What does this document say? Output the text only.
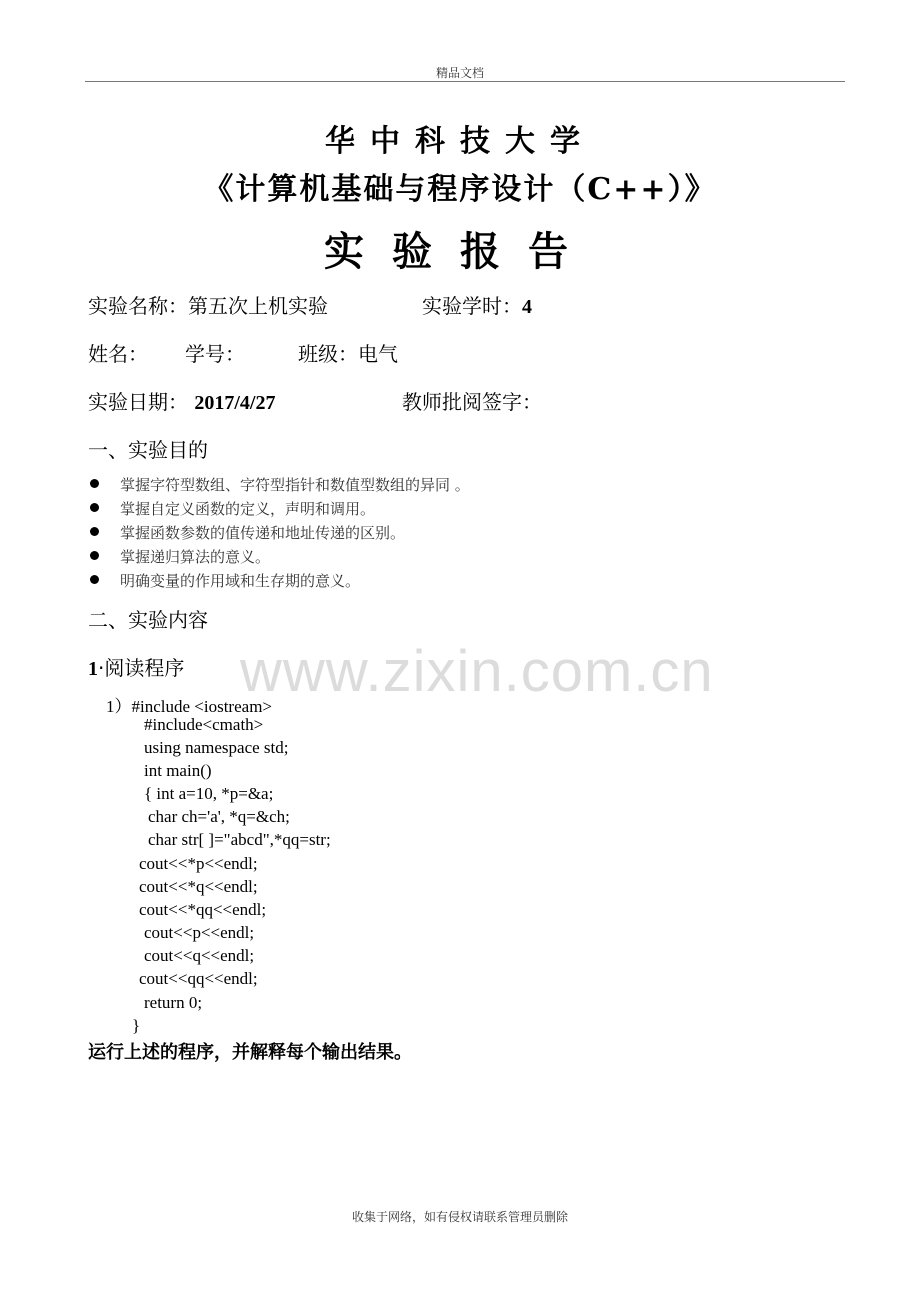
精品文档
华中科技大学
《计算机基础与程序设计（C++）》
实验报告
实验名称：第五次上机实验	实验学时：4
姓名： 学号：	班级：电气
实验日期： 2017/4/27	教师批阅签字：
一、实验目的
掌握字符型数组、字符型指针和数值型数组的异同 。
掌握自定义函数的定义，声明和调用。
掌握函数参数的值传递和地址传递的区别。
掌握递归算法的意义。
明确变量的作用域和生存期的意义。
二、实验内容
www.zixin.com.cn
1·阅读程序
1）#include <iostream>
#include<cmath>
using namespace std;
int main()
{ int a=10, *p=&a;
char ch='a', *q=&ch;
char str[ ]="abcd",*qq=str;
cout<<*p<<endl;
cout<<*q<<endl;
cout<<*qq<<endl;
cout<<p<<endl;
cout<<q<<endl;
cout<<qq<<endl;
return 0;
}
运行上述的程序，并解释每个输出结果。
收集于网络，如有侵权请联系管理员删除
